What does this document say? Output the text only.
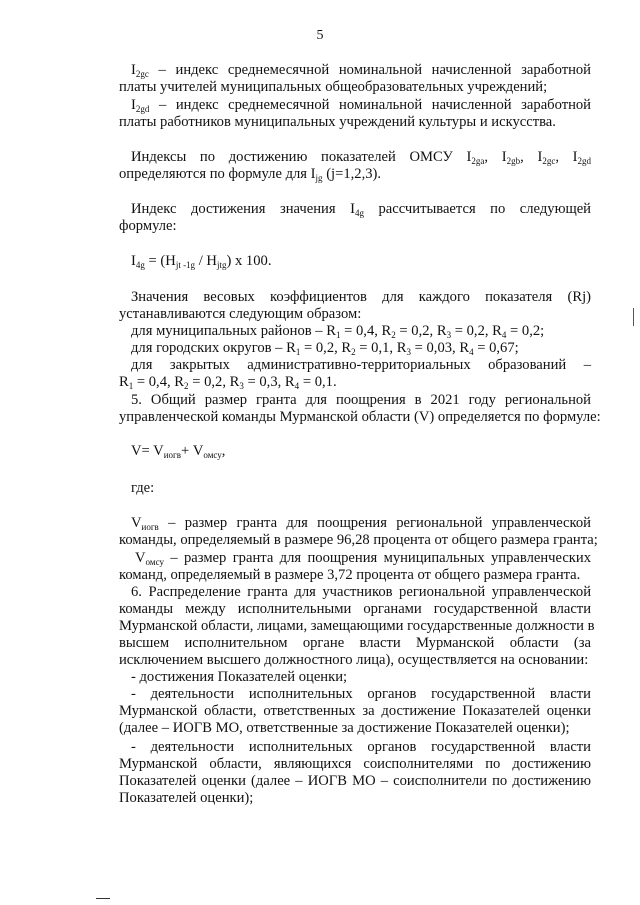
5
$I_{2gc}$ – индекс среднемесячной номинальной начисленной заработной
платы учителей муниципальных общеобразовательных учреждений;
$I_{2gd}$ – индекс среднемесячной номинальной начисленной заработной
платы работников муниципальных учреждений культуры и искусства.
Индексы по достижению показателей ОМСУ $I_{2ga}$, $I_{2gb}$, $I_{2gc}$, $I_{2gd}$
определяются по формуле для $I_{jg}$ (j=1,2,3).
Индекс достижения значения $I_{4g}$ рассчитывается по следующей
формуле:
$I_{4g} = (H_{jt -1g} / H_{jtg})$ x 100.
Значения весовых коэффициентов для каждого показателя (Rj)
устанавливаются следующим образом:
для муниципальных районов – $R_1 = 0,4$, $R_2 = 0,2$, $R_3 = 0,2$, $R_4 = 0,2$;
для городских округов – $R_1 = 0,2$, $R_2 = 0,1$, $R_3 = 0,03$, $R_4 = 0,67$;
для закрытых административно-территориальных образований –
$R_1 = 0,4$, $R_2 = 0,2$, $R_3 = 0,3$, $R_4 = 0,1$.
5. Общий размер гранта для поощрения в 2021 году региональной
управленческой команды Мурманской области (V) определяется по формуле:
$V= V_{иогв}+ V_{омсу}$,
где:
$V_{иогв}$ – размер гранта для поощрения региональной управленческой
команды, определяемый в размере 96,28 процента от общего размера гранта;
$V_{омсу}$ – размер гранта для поощрения муниципальных управленческих
команд, определяемый в размере 3,72 процента от общего размера гранта.
6. Распределение гранта для участников региональной управленческой
команды между исполнительными органами государственной власти
Мурманской области, лицами, замещающими государственные должности в
высшем исполнительном органе власти Мурманской области (за
исключением высшего должностного лица), осуществляется на основании:
- достижения Показателей оценки;
- деятельности исполнительных органов государственной власти
Мурманской области, ответственных за достижение Показателей оценки
(далее – ИОГВ МО, ответственные за достижение Показателей оценки);
- деятельности исполнительных органов государственной власти
Мурманской области, являющихся соисполнителями по достижению
Показателей оценки (далее – ИОГВ МО – соисполнители по достижению
Показателей оценки);
